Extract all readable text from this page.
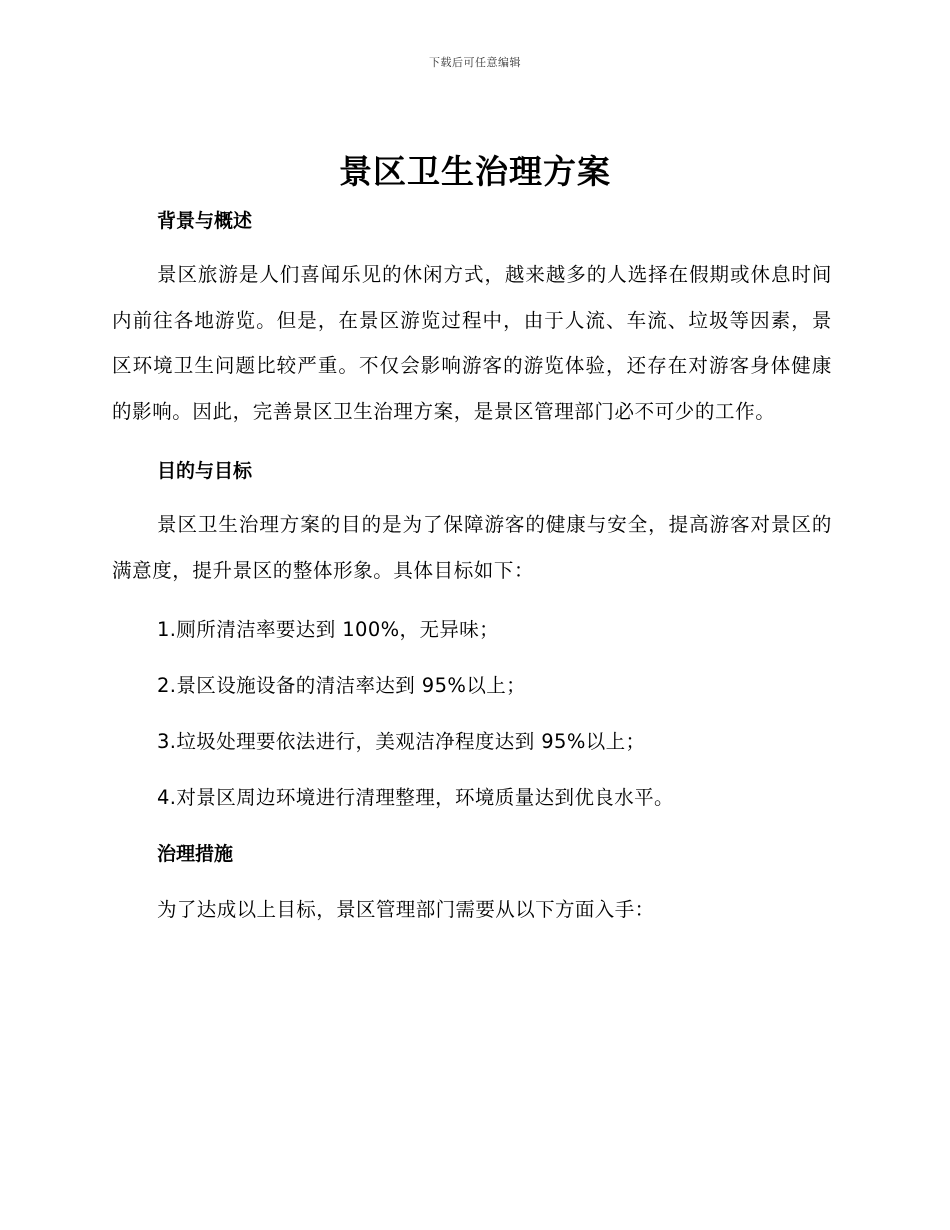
下载后可任意编辑
景区卫生治理方案

背景与概述

景区旅游是人们喜闻乐见的休闲方式，越来越多的人选择在假期或休息时间内前往各地游览。但是，在景区游览过程中，由于人流、车流、垃圾等因素，景区环境卫生问题比较严重。不仅会影响游客的游览体验，还存在对游客身体健康的影响。因此，完善景区卫生治理方案，是景区管理部门必不可少的工作。

目的与目标

景区卫生治理方案的目的是为了保障游客的健康与安全，提高游客对景区的满意度，提升景区的整体形象。具体目标如下：

1.厕所清洁率要达到 100%，无异味；

2.景区设施设备的清洁率达到 95%以上；

3.垃圾处理要依法进行，美观洁净程度达到 95%以上；

4.对景区周边环境进行清理整理，环境质量达到优良水平。

治理措施

为了达成以上目标，景区管理部门需要从以下方面入手：
